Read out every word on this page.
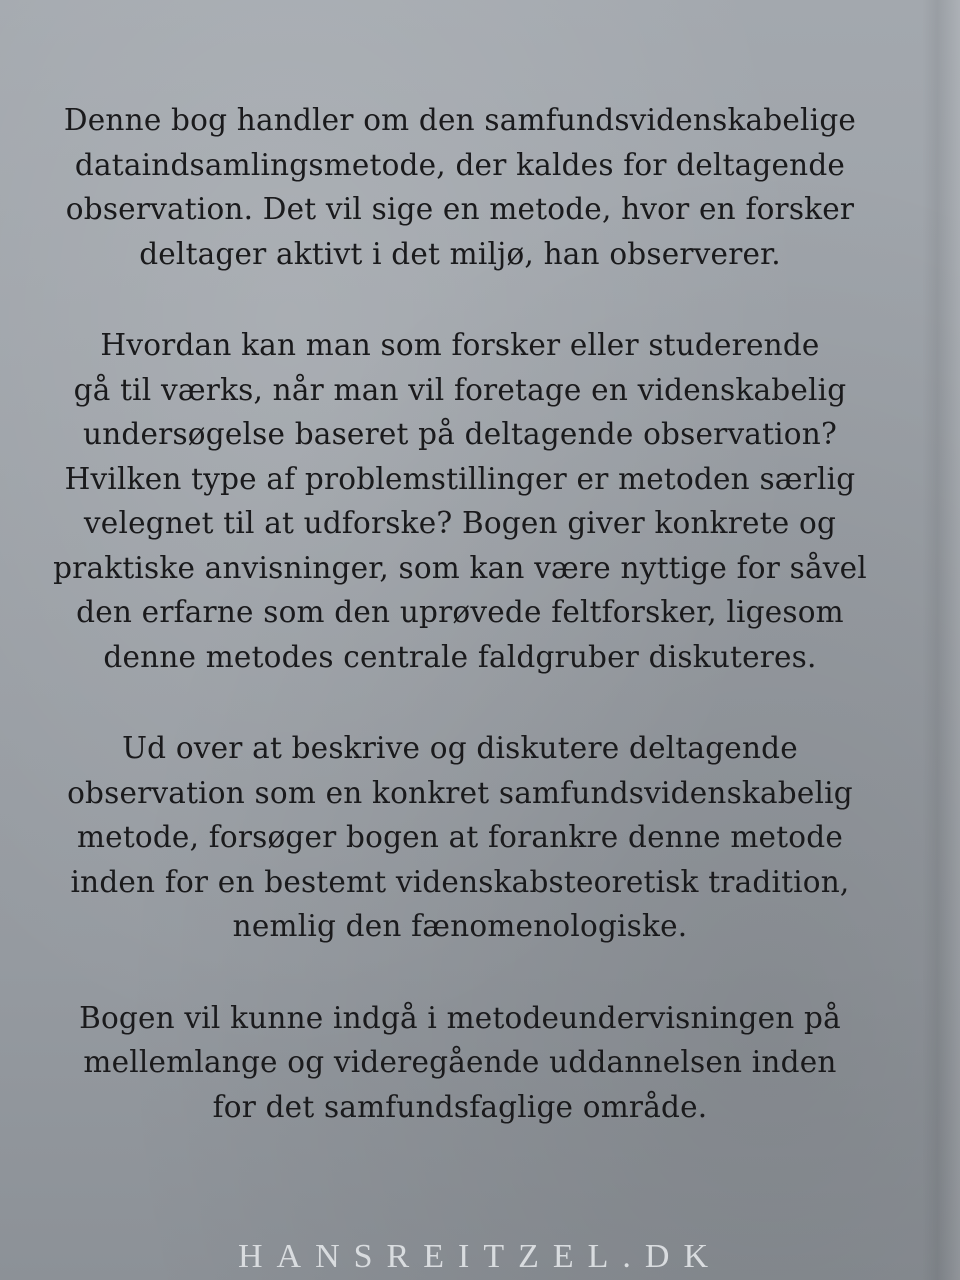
Denne bog handler om den samfundsvidenskabelige
dataindsamlingsmetode, der kaldes for deltagende
observation. Det vil sige en metode, hvor en forsker
deltager aktivt i det miljø, han observerer.

Hvordan kan man som forsker eller studerende
gå til værks, når man vil foretage en videnskabelig
undersøgelse baseret på deltagende observation?
Hvilken type af problemstillinger er metoden særlig
velegnet til at udforske? Bogen giver konkrete og
praktiske anvisninger, som kan være nyttige for såvel
den erfarne som den uprøvede feltforsker, ligesom
denne metodes centrale faldgruber diskuteres.

Ud over at beskrive og diskutere deltagende
observation som en konkret samfundsvidenskabelig
metode, forsøger bogen at forankre denne metode
inden for en bestemt videnskabsteoretisk tradition,
nemlig den fænomenologiske.

Bogen vil kunne indgå i metodeundervisningen på
mellemlange og videregående uddannelsen inden
for det samfundsfaglige område.

HANSREITZEL.DK
